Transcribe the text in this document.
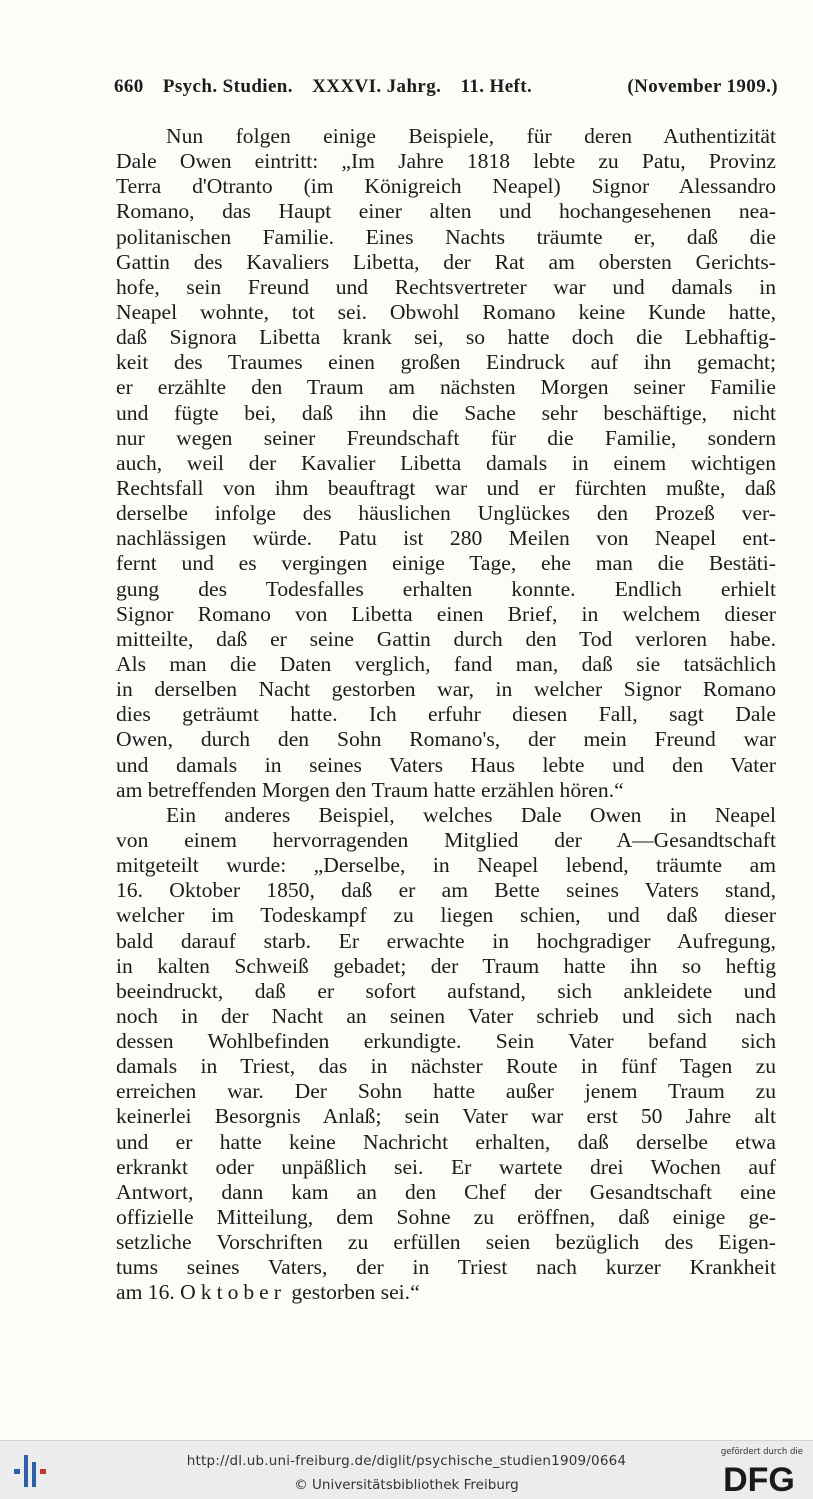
660 Psych. Studien. XXXVI. Jahrg. 11. Heft.	(November 1909.)
Nun folgen einige Beispiele, für deren Authentizität
Dale Owen eintritt: „Im Jahre 1818 lebte zu Patu, Provinz
Terra d'Otranto (im Königreich Neapel) Signor Alessandro
Romano, das Haupt einer alten und hochangesehenen nea-
politanischen Familie. Eines Nachts träumte er, daß die
Gattin des Kavaliers Libetta, der Rat am obersten Gerichts-
hofe, sein Freund und Rechtsvertreter war und damals in
Neapel wohnte, tot sei. Obwohl Romano keine Kunde hatte,
daß Signora Libetta krank sei, so hatte doch die Lebhaftig-
keit des Traumes einen großen Eindruck auf ihn gemacht;
er erzählte den Traum am nächsten Morgen seiner Familie
und fügte bei, daß ihn die Sache sehr beschäftige, nicht
nur wegen seiner Freundschaft für die Familie, sondern
auch, weil der Kavalier Libetta damals in einem wichtigen
Rechtsfall von ihm beauftragt war und er fürchten mußte, daß
derselbe infolge des häuslichen Unglückes den Prozeß ver-
nachlässigen würde. Patu ist 280 Meilen von Neapel ent-
fernt und es vergingen einige Tage, ehe man die Bestäti-
gung des Todesfalles erhalten konnte. Endlich erhielt
Signor Romano von Libetta einen Brief, in welchem dieser
mitteilte, daß er seine Gattin durch den Tod verloren habe.
Als man die Daten verglich, fand man, daß sie tatsächlich
in derselben Nacht gestorben war, in welcher Signor Romano
dies geträumt hatte. Ich erfuhr diesen Fall, sagt Dale
Owen, durch den Sohn Romano's, der mein Freund war
und damals in seines Vaters Haus lebte und den Vater
am betreffenden Morgen den Traum hatte erzählen hören.“
Ein anderes Beispiel, welches Dale Owen in Neapel
von einem hervorragenden Mitglied der A—Gesandtschaft
mitgeteilt wurde: „Derselbe, in Neapel lebend, träumte am
16. Oktober 1850, daß er am Bette seines Vaters stand,
welcher im Todeskampf zu liegen schien, und daß dieser
bald darauf starb. Er erwachte in hochgradiger Aufregung,
in kalten Schweiß gebadet; der Traum hatte ihn so heftig
beeindruckt, daß er sofort aufstand, sich ankleidete und
noch in der Nacht an seinen Vater schrieb und sich nach
dessen Wohlbefinden erkundigte. Sein Vater befand sich
damals in Triest, das in nächster Route in fünf Tagen zu
erreichen war. Der Sohn hatte außer jenem Traum zu
keinerlei Besorgnis Anlaß; sein Vater war erst 50 Jahre alt
und er hatte keine Nachricht erhalten, daß derselbe etwa
erkrankt oder unpäßlich sei. Er wartete drei Wochen auf
Antwort, dann kam an den Chef der Gesandtschaft eine
offizielle Mitteilung, dem Sohne zu eröffnen, daß einige ge-
setzliche Vorschriften zu erfüllen seien bezüglich des Eigen-
tums seines Vaters, der in Triest nach kurzer Krankheit
am 16. Oktober gestorben sei.“
http://dl.ub.uni-freiburg.de/diglit/psychische_studien1909/0664
© Universitätsbibliothek Freiburg
gefördert durch die
DFG
